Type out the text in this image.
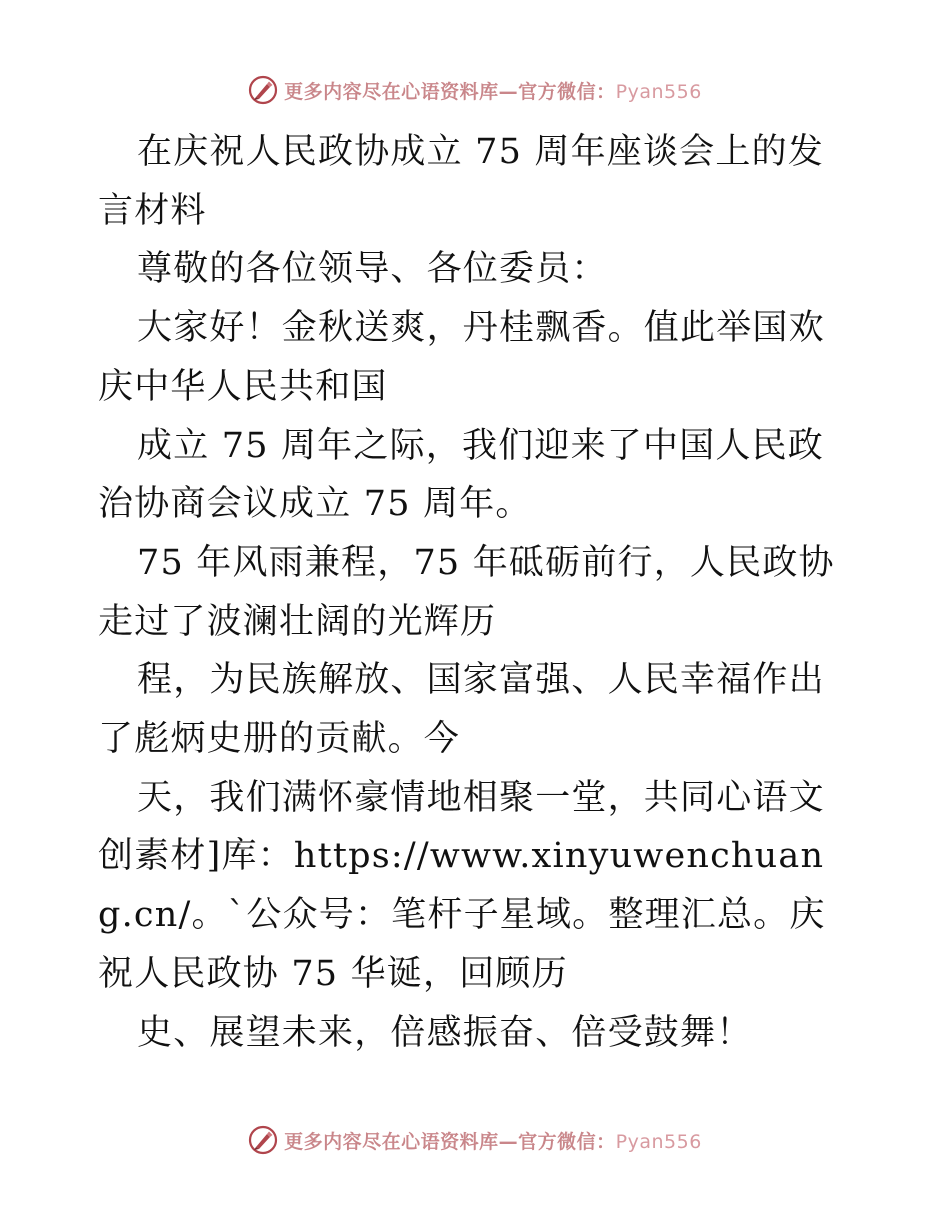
更多内容尽在心语资料库—官方微信：Pyan556

在庆祝人民政协成立 75 周年座谈会上的发言材料

尊敬的各位领导、各位委员：

大家好！金秋送爽，丹桂飘香。值此举国欢庆中华人民共和国

成立 75 周年之际，我们迎来了中国人民政治协商会议成立 75 周年。

75 年风雨兼程，75 年砥砺前行，人民政协走过了波澜壮阔的光辉历

程，为民族解放、国家富强、人民幸福作出了彪炳史册的贡献。今

天，我们满怀豪情地相聚一堂，共同心语文创素材]库：https://www.xinyuwenchuang.cn/。`公众号：笔杆子星域。整理汇总。庆祝人民政协 75 华诞，回顾历

史、展望未来，倍感振奋、倍受鼓舞！

更多内容尽在心语资料库—官方微信：Pyan556
